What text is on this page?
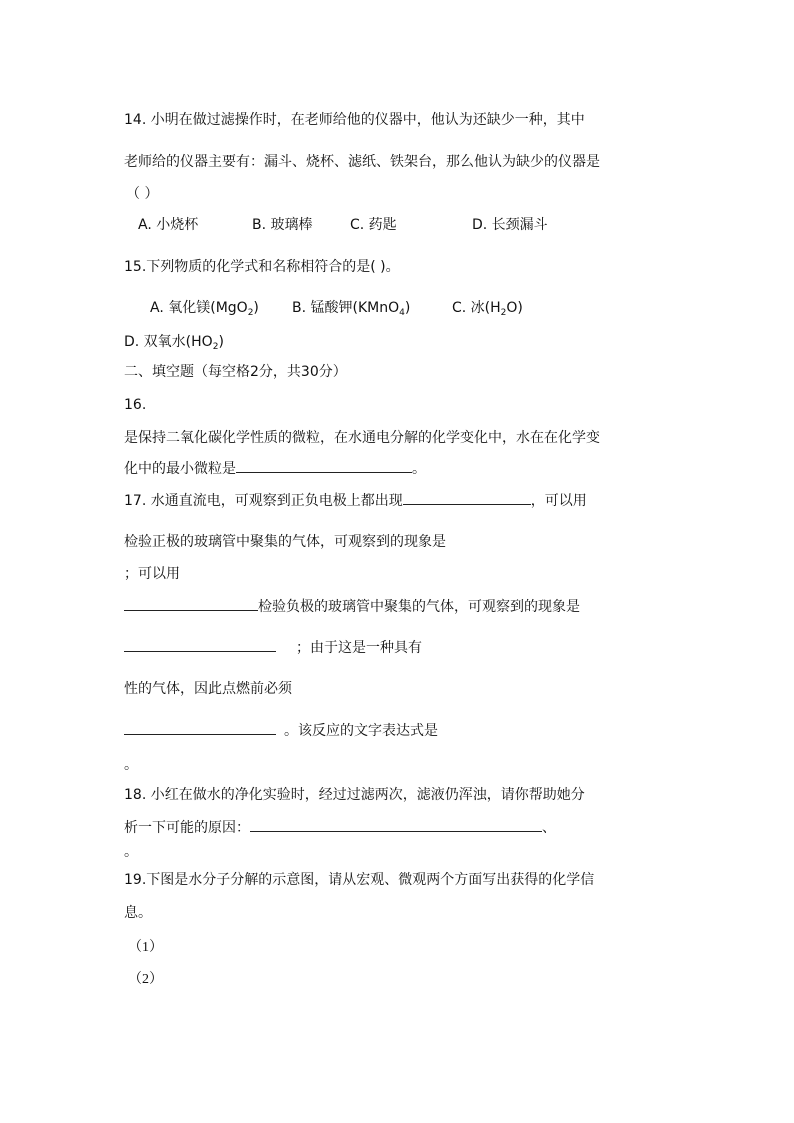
14. 小明在做过滤操作时，在老师给他的仪器中，他认为还缺少一种，其中
老师给的仪器主要有：漏斗、烧杯、滤纸、铁架台，那么他认为缺少的仪器是
（ ）
A. 小烧杯	B. 玻璃棒	C. 药匙	D. 长颈漏斗
15.下列物质的化学式和名称相符合的是( )。
A. 氧化镁(MgO$_2$) B. 锰酸钾(KMnO$_4$)	C. 冰$(H_2O)$
D. 双氧水$(HO_2)$
二、填空题（每空格2分，共30分）
16.
是保持二氧化碳化学性质的微粒，在水通电分解的化学变化中，水在在化学变
化中的最小微粒是	。
17. 水通直流电，可观察到正负电极上都出现	，可以用
检验正极的玻璃管中聚集的气体，可观察到的现象是
；可以用
检验负极的玻璃管中聚集的气体，可观察到的现象是
；由于这是一种具有
性的气体，因此点燃前必须
。该反应的文字表达式是
。
18. 小红在做水的净化实验时，经过过滤两次，滤液仍浑浊，请你帮助她分
析一下可能的原因：	、
。
19.下图是水分子分解的示意图，请从宏观、微观两个方面写出获得的化学信
息。
（1）
（2）
